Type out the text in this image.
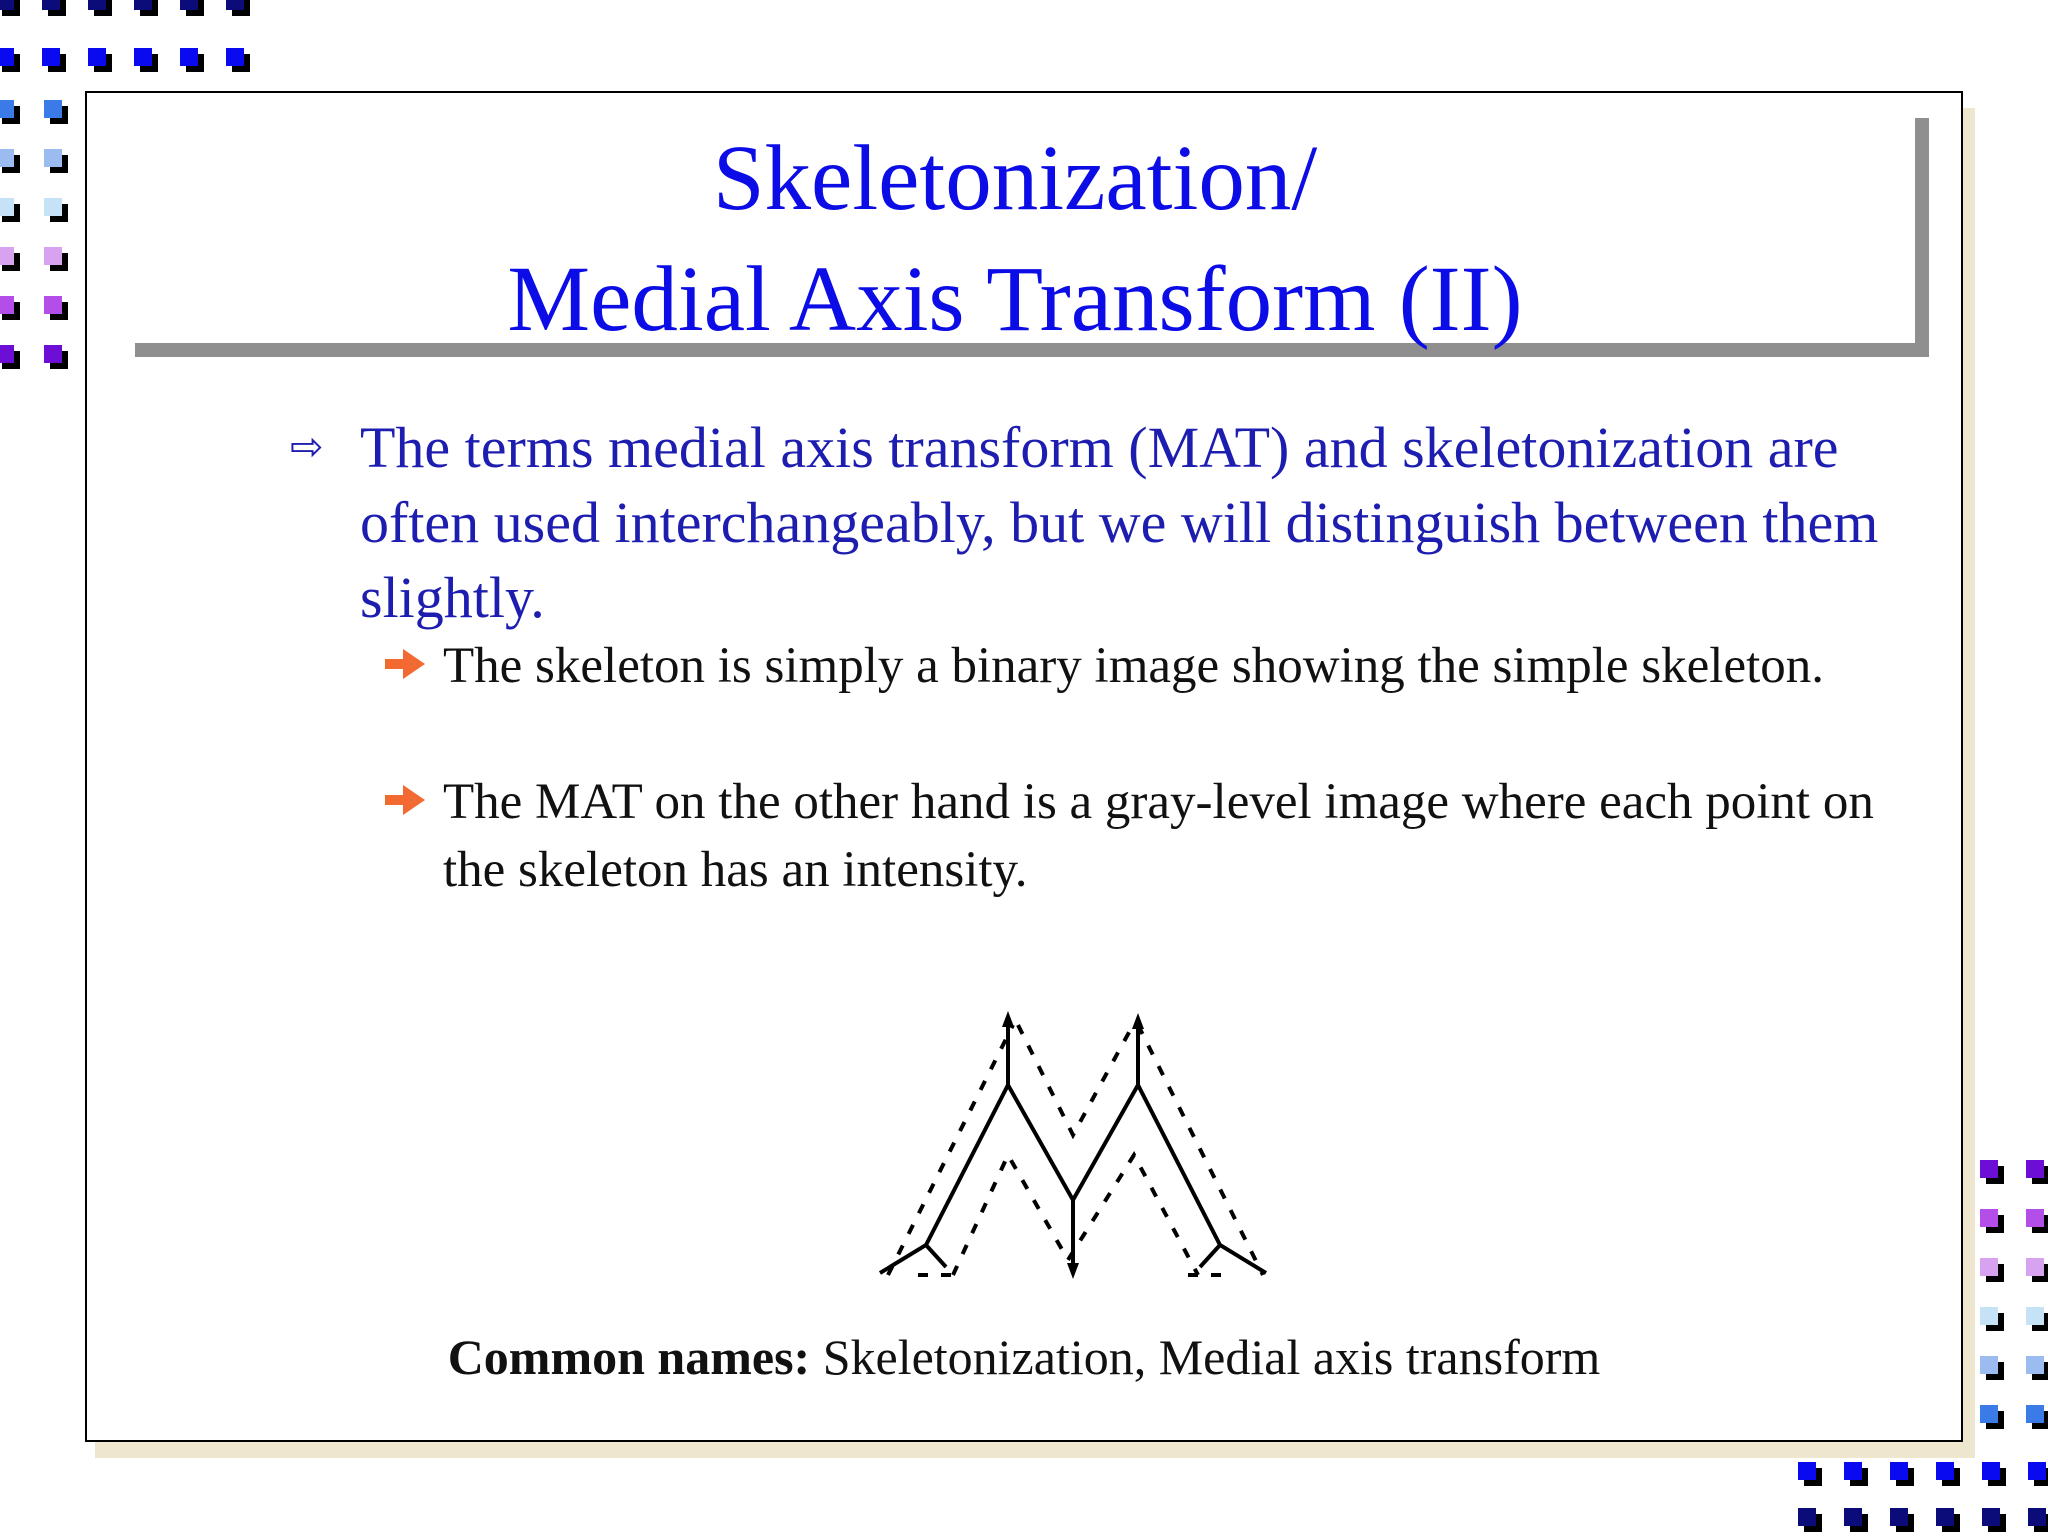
Skeletonization/
Medial Axis Transform (II)
⇨ The terms medial axis transform (MAT) and skeletonization are often used interchangeably, but we will distinguish between them slightly.
The skeleton is simply a binary image showing the simple skeleton.
The MAT on the other hand is a gray-level image where each point on the skeleton has an intensity.
Common names: Skeletonization, Medial axis transform
